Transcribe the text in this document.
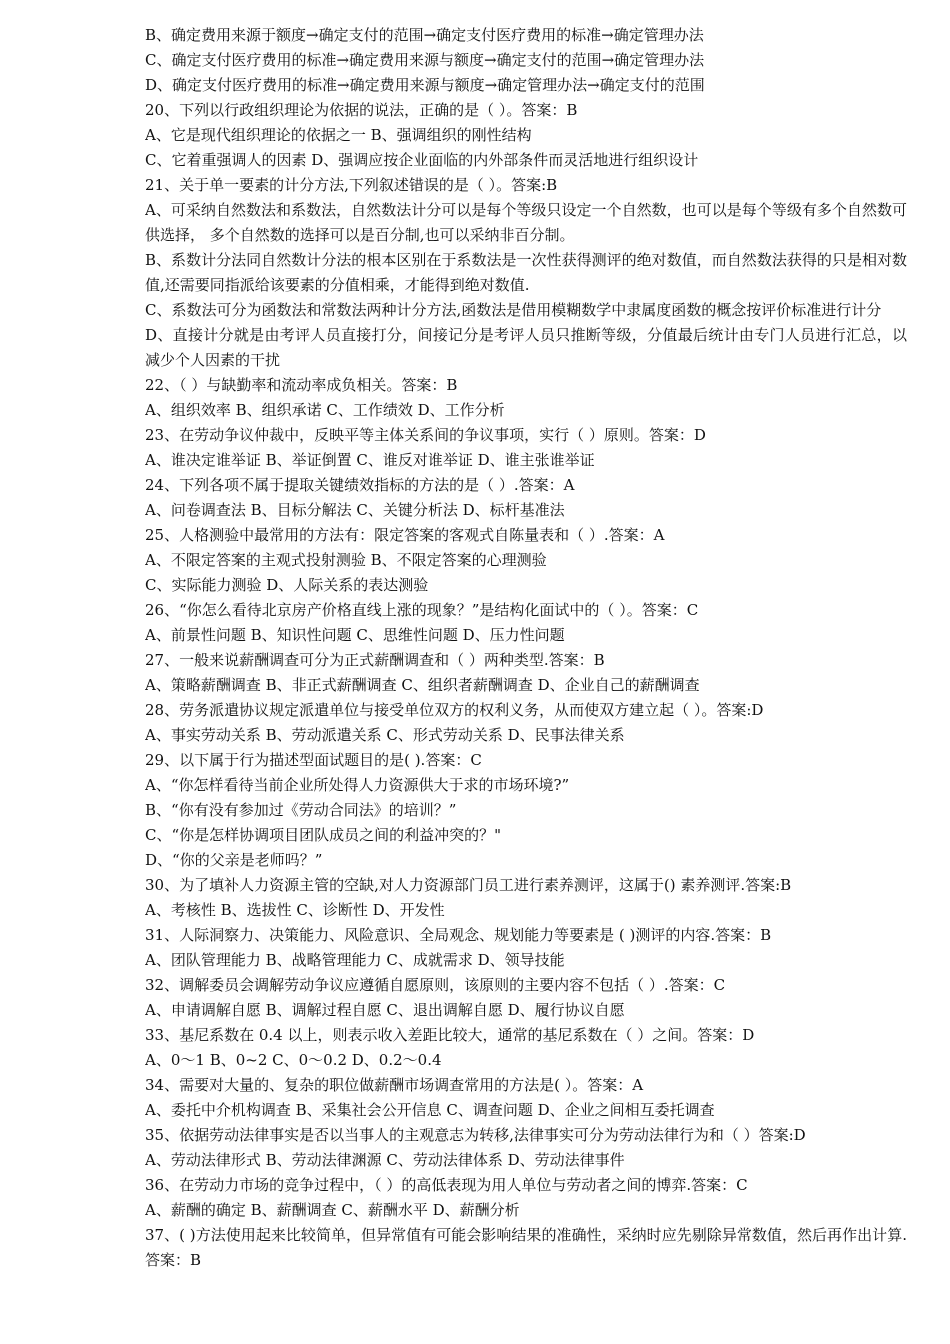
B、确定费用来源于额度→确定支付的范围→确定支付医疗费用的标准→确定管理办法
C、确定支付医疗费用的标准→确定费用来源与额度→确定支付的范围→确定管理办法
D、确定支付医疗费用的标准→确定费用来源与额度→确定管理办法→确定支付的范围
20、下列以行政组织理论为依据的说法，正确的是（ ）。答案：B
A、它是现代组织理论的依据之一 B、强调组织的刚性结构
C、它着重强调人的因素 D、强调应按企业面临的内外部条件而灵活地进行组织设计
21、关于单一要素的计分方法,下列叙述错误的是（ ）。答案:B
A、可采纳自然数法和系数法，自然数法计分可以是每个等级只设定一个自然数，也可以是每个等级有多个自然数可供选择， 多个自然数的选择可以是百分制,也可以采纳非百分制。
B、系数计分法同自然数计分法的根本区别在于系数法是一次性获得测评的绝对数值，而自然数法获得的只是相对数值,还需要同指派给该要素的分值相乘，才能得到绝对数值.
C、系数法可分为函数法和常数法两种计分方法,函数法是借用模糊数学中隶属度函数的概念按评价标准进行计分
D、直接计分就是由考评人员直接打分，间接记分是考评人员只推断等级，分值最后统计由专门人员进行汇总，以减少个人因素的干扰
22、（ ）与缺勤率和流动率成负相关。答案：B
A、组织效率 B、组织承诺 C、工作绩效 D、工作分析
23、在劳动争议仲裁中，反映平等主体关系间的争议事项，实行（ ）原则。答案：D
A、谁决定谁举证 B、举证倒置 C、谁反对谁举证 D、谁主张谁举证
24、下列各项不属于提取关键绩效指标的方法的是（ ）.答案：A
A、问卷调查法 B、目标分解法 C、关键分析法 D、标杆基准法
25、人格测验中最常用的方法有：限定答案的客观式自陈量表和（ ）.答案：A
A、不限定答案的主观式投射测验 B、不限定答案的心理测验
C、实际能力测验 D、人际关系的表达测验
26、“你怎么看待北京房产价格直线上涨的现象？”是结构化面试中的（ ）。答案：C
A、前景性问题 B、知识性问题 C、思维性问题 D、压力性问题
27、一般来说薪酬调查可分为正式薪酬调查和（ ）两种类型.答案：B
A、策略薪酬调查 B、非正式薪酬调查 C、组织者薪酬调查 D、企业自己的薪酬调查
28、劳务派遣协议规定派遣单位与接受单位双方的权利义务，从而使双方建立起（ ）。答案:D
A、事实劳动关系 B、劳动派遣关系 C、形式劳动关系 D、民事法律关系
29、以下属于行为描述型面试题目的是( ).答案：C
A、“你怎样看待当前企业所处得人力资源供大于求的市场环境?”
B、“你有没有参加过《劳动合同法》的培训？”
C、“你是怎样协调项目团队成员之间的利益冲突的？"
D、“你的父亲是老师吗？”
30、为了填补人力资源主管的空缺,对人力资源部门员工进行素养测评，这属于() 素养测评.答案:B
A、考核性 B、选拔性 C、诊断性 D、开发性
31、人际洞察力、决策能力、风险意识、全局观念、规划能力等要素是 ( )测评的内容.答案：B
A、团队管理能力 B、战略管理能力 C、成就需求 D、领导技能
32、调解委员会调解劳动争议应遵循自愿原则，该原则的主要内容不包括（ ）.答案：C
A、申请调解自愿 B、调解过程自愿 C、退出调解自愿 D、履行协议自愿
33、基尼系数在 0.4 以上，则表示收入差距比较大，通常的基尼系数在（ ）之间。答案：D
A、0～1 B、0~2 C、0～0.2 D、0.2～0.4
34、需要对大量的、复杂的职位做薪酬市场调查常用的方法是( ）。答案：A
A、委托中介机构调查 B、采集社会公开信息 C、调查问题 D、企业之间相互委托调查
35、依据劳动法律事实是否以当事人的主观意志为转移,法律事实可分为劳动法律行为和（ ）答案:D
A、劳动法律形式 B、劳动法律渊源 C、劳动法律体系 D、劳动法律事件
36、在劳动力市场的竞争过程中，（ ）的高低表现为用人单位与劳动者之间的博弈.答案：C
A、薪酬的确定 B、薪酬调查 C、薪酬水平 D、薪酬分析
37、( )方法使用起来比较简单，但异常值有可能会影响结果的准确性，采纳时应先剔除异常数值，然后再作出计算.答案：B
